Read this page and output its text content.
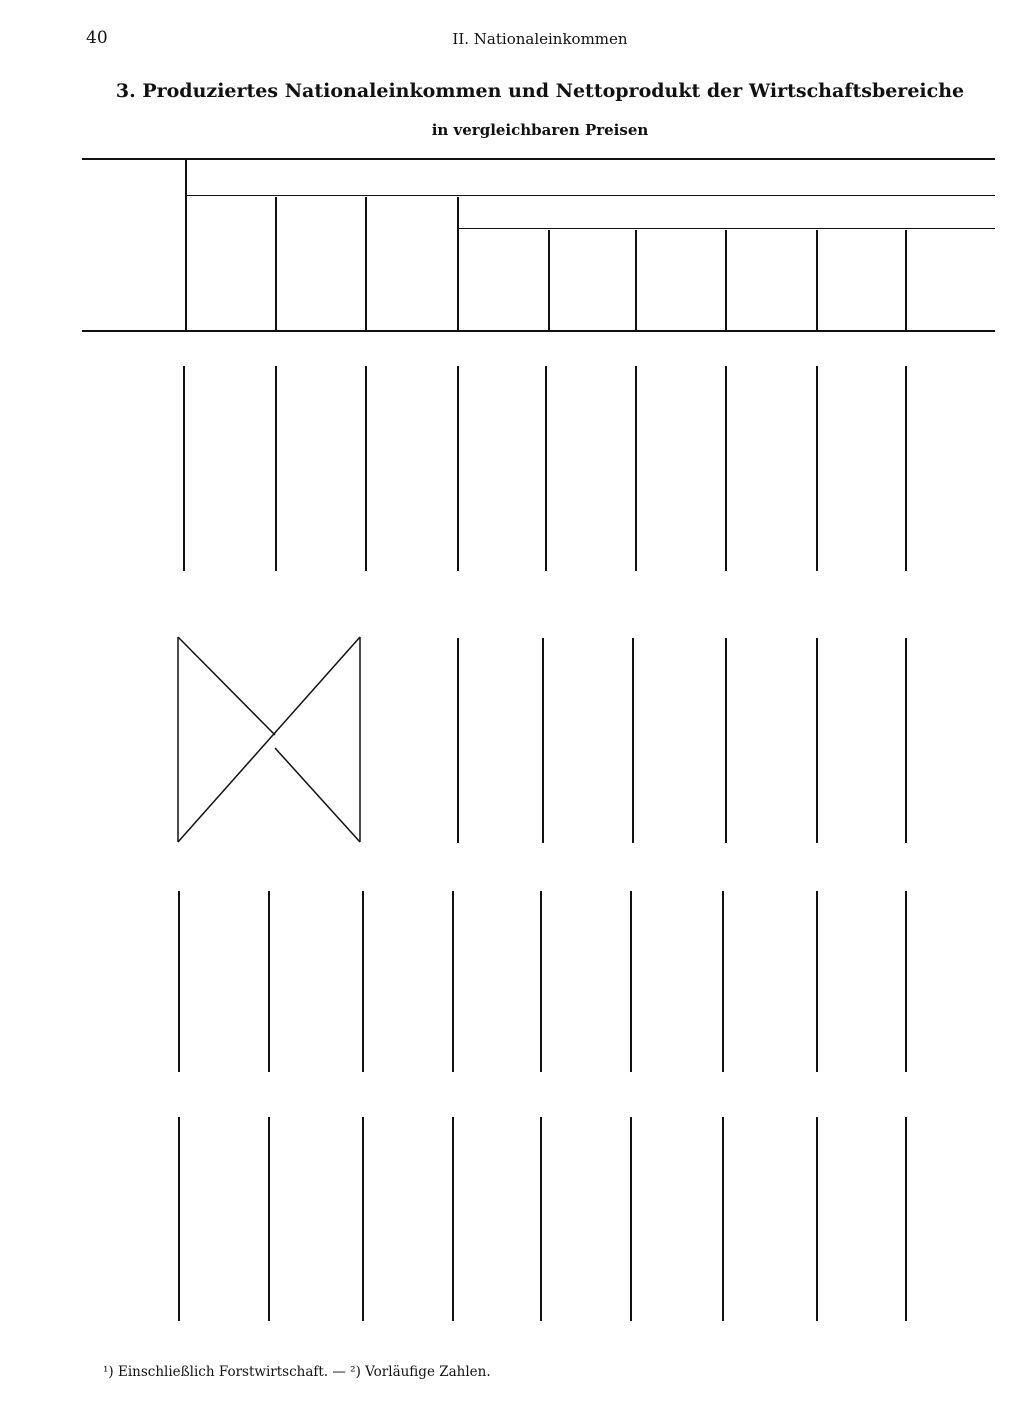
40	II. Nationaleinkommen
3. Produziertes Nationaleinkommen und Nettoprodukt der Wirtschaftsbereiche
in vergleichbaren Preisen
¹) Einschließlich Forstwirtschaft. — ²) Vorläufige Zahlen.
